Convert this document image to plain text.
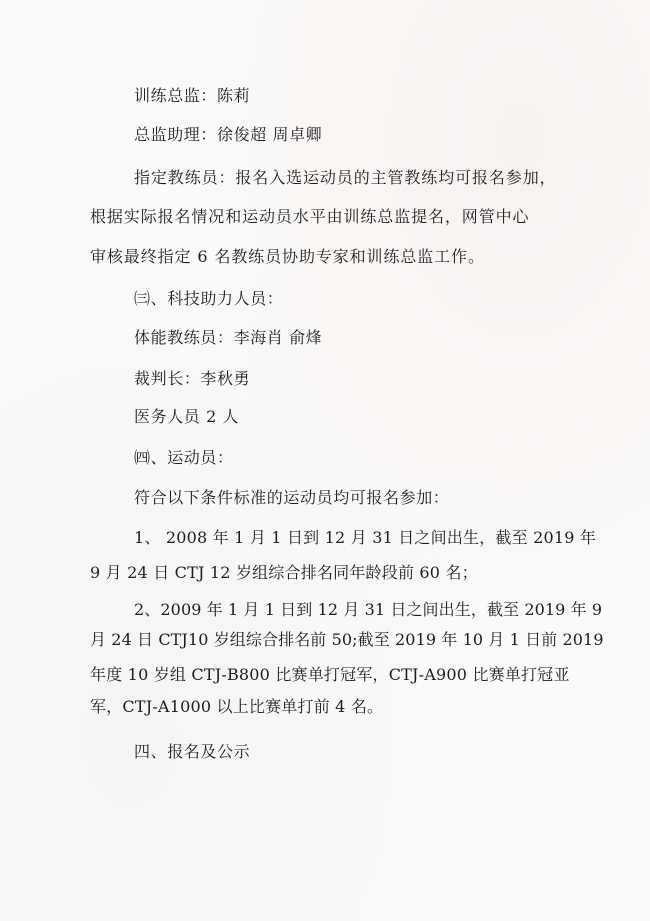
训练总监：陈莉
总监助理：徐俊超 周卓卿
指定教练员：报名入选运动员的主管教练均可报名参加，
根据实际报名情况和运动员水平由训练总监提名，网管中心
审核最终指定 6 名教练员协助专家和训练总监工作。
㈢、科技助力人员：
体能教练员：李海肖 俞烽
裁判长：李秋勇
医务人员 2 人
㈣、运动员：
符合以下条件标准的运动员均可报名参加：
1、 2008 年 1 月 1 日到 12 月 31 日之间出生，截至 2019 年
9 月 24 日 CTJ 12 岁组综合排名同年龄段前 60 名；
2、2009 年 1 月 1 日到 12 月 31 日之间出生，截至 2019 年 9
月 24 日 CTJ10 岁组综合排名前 50;截至 2019 年 10 月 1 日前 2019
年度 10 岁组 CTJ-B800 比赛单打冠军，CTJ-A900 比赛单打冠亚
军，CTJ-A1000 以上比赛单打前 4 名。
四、报名及公示
